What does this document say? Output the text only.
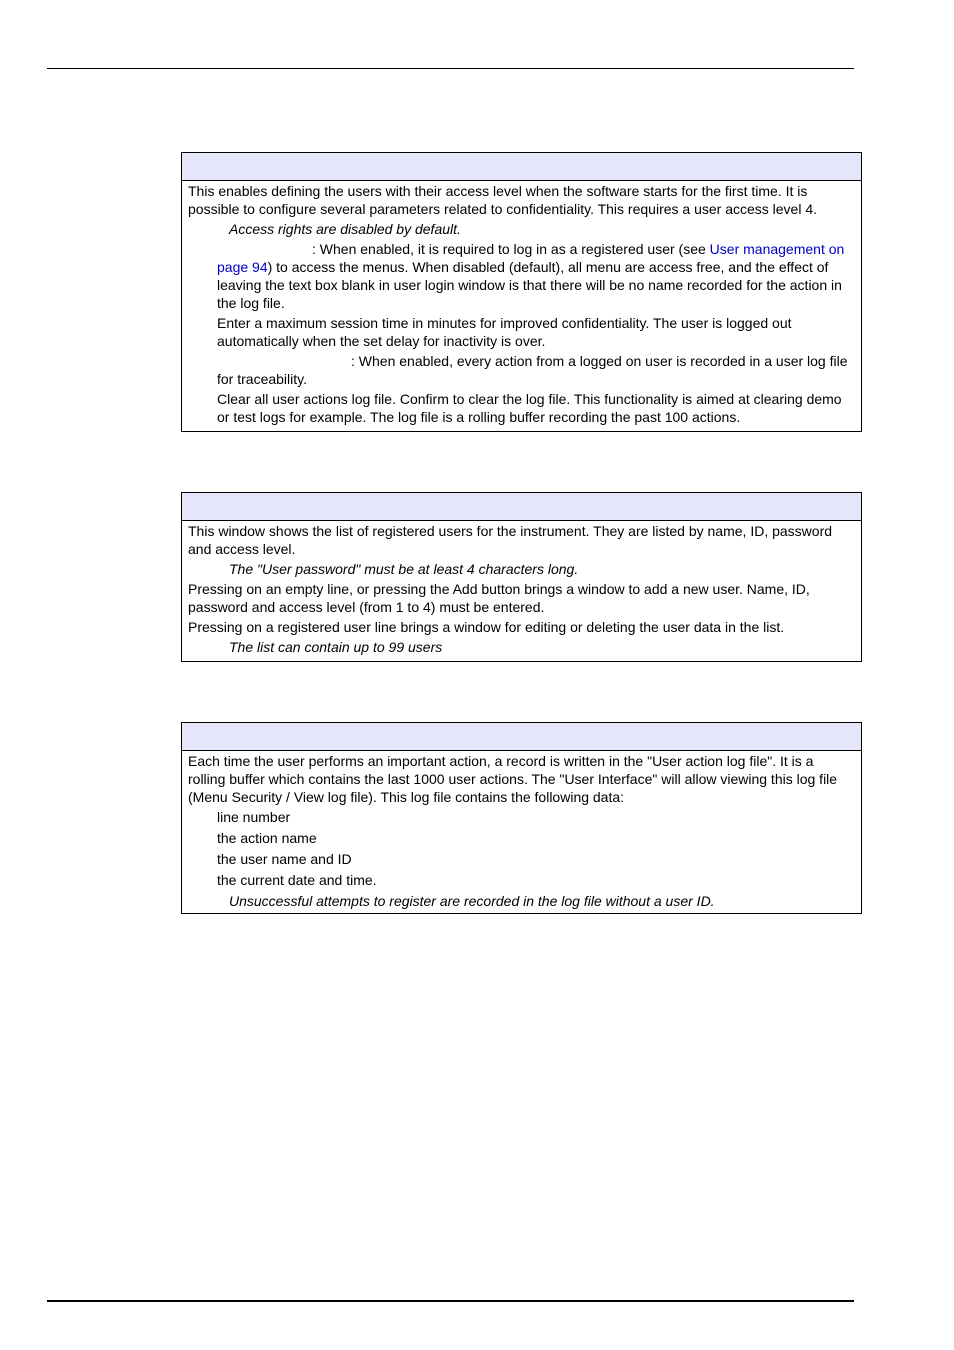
This enables defining the users with their access level when the software starts for the first time. It is possible to configure several parameters related to confidentiality. This requires a user access level 4.

Access rights are disabled by default.

: When enabled, it is required to log in as a registered user (see User management on page 94) to access the menus. When disabled (default), all menu are access free, and the effect of leaving the text box blank in user login window is that there will be no name recorded for the action in the log file.

Enter a maximum session time in minutes for improved confidentiality. The user is logged out automatically when the set delay for inactivity is over.

: When enabled, every action from a logged on user is recorded in a user log file for traceability.

Clear all user actions log file. Confirm to clear the log file. This functionality is aimed at clearing demo or test logs for example. The log file is a rolling buffer recording the past 100 actions.

This window shows the list of registered users for the instrument. They are listed by name, ID, password and access level.

The "User password" must be at least 4 characters long.

Pressing on an empty line, or pressing the Add button brings a window to add a new user. Name, ID, password and access level (from 1 to 4) must be entered.

Pressing on a registered user line brings a window for editing or deleting the user data in the list.

The list can contain up to 99 users

Each time the user performs an important action, a record is written in the "User action log file". It is a rolling buffer which contains the last 1000 user actions. The "User Interface" will allow viewing this log file (Menu Security / View log file). This log file contains the following data:

line number

the action name

the user name and ID

the current date and time.

Unsuccessful attempts to register are recorded in the log file without a user ID.
